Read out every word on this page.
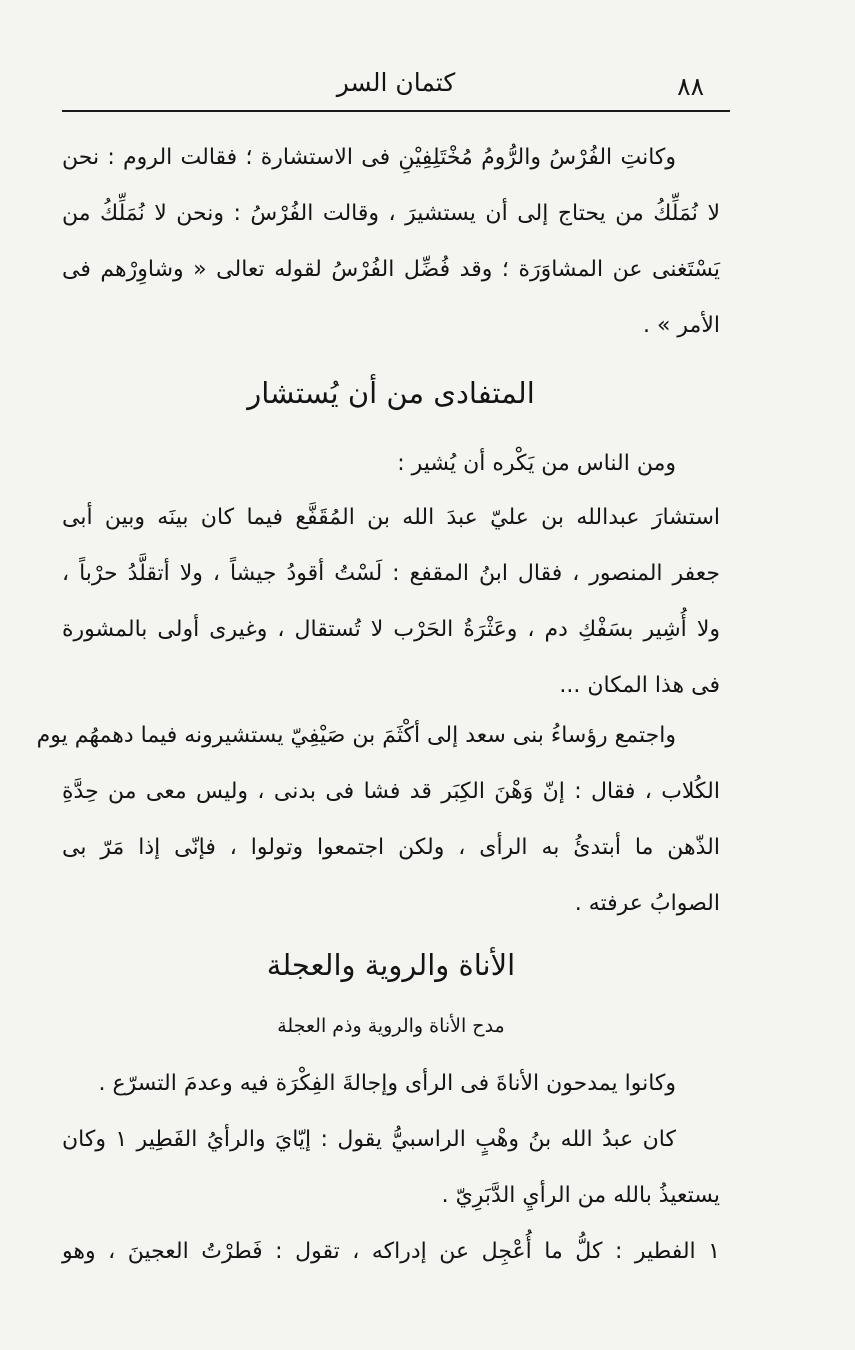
٨٨
كتمان السر
وكانتِ الفُرْسُ والرُّومُ مُخْتَلِفِيْنِ فى الاستشارة ؛ فقالت الروم : نحن
لا نُمَلِّكُ من يحتاج إلى أن يستشيرَ ، وقالت الفُرْسُ : ونحن لا نُمَلِّكُ من
يَسْتَغنى عن المشاوَرَة ؛ وقد فُضِّل الفُرْسُ لقوله تعالى « وشاوِرْهم فى
الأمر » .
المتفادى من أن يُستشار
ومن الناس من يَكْره أن يُشير :
استشارَ عبدالله بن عليّ عبدَ الله بن المُقَفَّع فيما كان بينَه وبين أبى
جعفر المنصور ، فقال ابنُ المقفع : لَسْتُ أقودُ جيشاً ، ولا أتقلَّدُ حرْباً ،
ولا أُشِير بسَفْكِ دم ، وعَثْرَةُ الحَرْب لا تُستقال ، وغيرى أولى بالمشورة
فى هذا المكان ...
واجتمع رؤساءُ بنى سعد إلى أكْثَمَ بن صَيْفِيّ يستشيرونه فيما دهمهُم يوم
الكُلاب ، فقال : إنّ وَهْنَ الكِبَر قد فشا فى بدنى ، وليس معى من حِدَّةِ
الذّهن ما أبتدئُ به الرأى ، ولكن اجتمعوا وتولوا ، فإنّى إذا مَرّ بى
الصوابُ عرفته .
الأناة والروية والعجلة
مدح الأناة والروية وذم العجلة
وكانوا يمدحون الأناةَ فى الرأى وإجالةَ الفِكْرَة فيه وعدمَ التسرّع .
كان عبدُ الله بنُ وهْبٍ الراسبيُّ يقول : إيّايَ والرأيُ الفَطِير ١ وكان
يستعيذُ بالله من الرأيِ الدَّبَرِيّ .
١ الفطير : كلُّ ما أُعْجِل عن إدراكه ، تقول : فَطرْتُ العجينَ ، وهو
